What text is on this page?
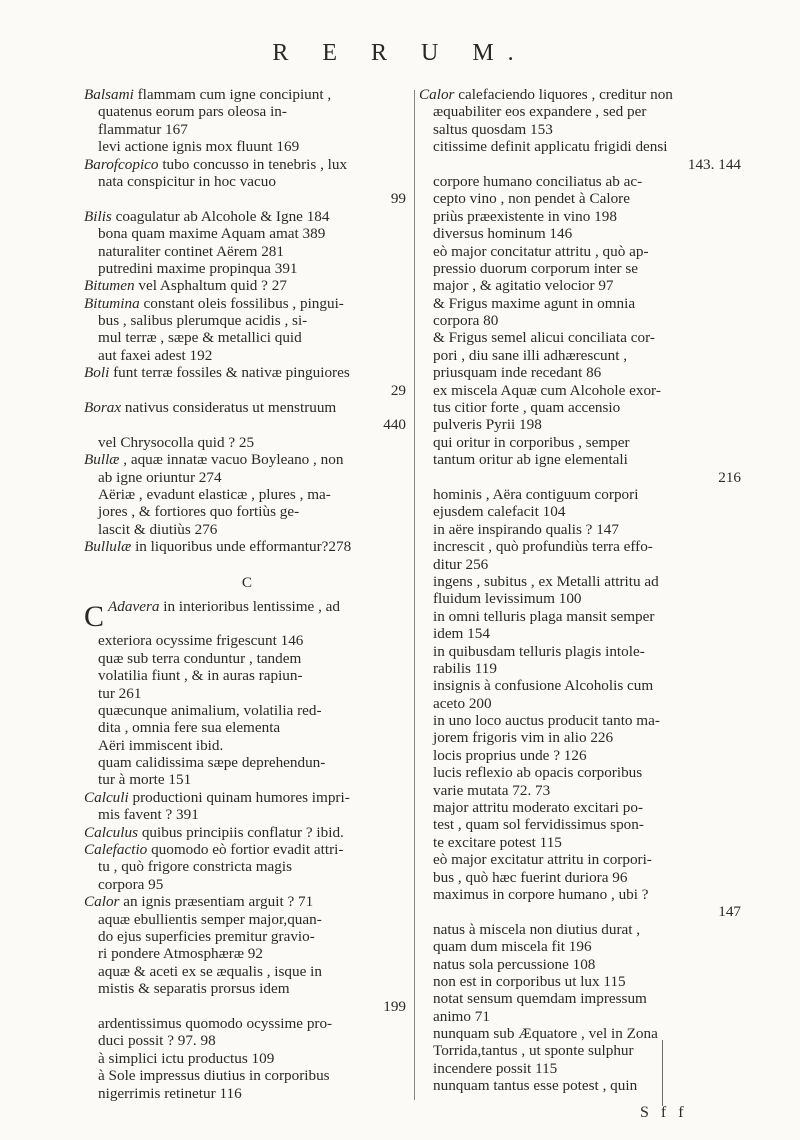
R E R U M.
Balsami flammam cum igne concipiunt ,
quatenus eorum pars oleosa in-
flammatur 167
levi actione ignis mox fluunt 169
Barofcopico tubo concusso in tenebris , lux
nata conspicitur in hoc vacuo
99
Bilis coagulatur ab Alcohole & Igne 184
bona quam maxime Aquam amat 389
naturaliter continet Aërem 281
putredini maxime propinqua 391
Bitumen vel Asphaltum quid ? 27
Bitumina constant oleis fossilibus , pingui-
bus , salibus plerumque acidis , si-
mul terræ , sæpe & metallici quid
aut faxei adest 192
Boli funt terræ fossiles & nativæ pinguiores
29
Borax nativus consideratus ut menstruum
440
vel Chrysocolla quid ? 25
Bullæ , aquæ innatæ vacuo Boyleano , non
ab igne oriuntur 274
Aëriæ , evadunt elasticæ , plures , ma-
jores , & fortiores quo fortiùs ge-
lascit & diutiùs 276
Bullulæ in liquoribus unde efformantur?278
C
C Adavera in interioribus lentissime , ad
exteriora ocyssime frigescunt 146
quæ sub terra conduntur , tandem
volatilia fiunt , & in auras rapiun-
tur 261
quæcunque animalium, volatilia red-
dita , omnia fere sua elementa
Aëri immiscent ibid.
quam calidissima sæpe deprehendun-
tur à morte 151
Calculi productioni quinam humores impri-
mis favent ? 391
Calculus quibus principiis conflatur ? ibid.
Calefactio quomodo eò fortior evadit attri-
tu , quò frigore constricta magis
corpora 95
Calor an ignis præsentiam arguit ? 71
aquæ ebullientis semper major,quan-
do ejus superficies premitur gravio-
ri pondere Atmosphæræ 92
aquæ & aceti ex se æqualis , isque in
mistis & separatis prorsus idem
199
ardentissimus quomodo ocyssime pro-
duci possit ? 97. 98
à simplici ictu productus 109
à Sole impressus diutius in corporibus
nigerrimis retinetur 116
Calor calefaciendo liquores , creditur non
æquabiliter eos expandere , sed per
saltus quosdam 153
citissime definit applicatu frigidi densi
143. 144
corpore humano conciliatus ab ac-
cepto vino , non pendet à Calore
priùs præexistente in vino 198
diversus hominum 146
eò major concitatur attritu , quò ap-
pressio duorum corporum inter se
major , & agitatio velocior 97
& Frigus maxime agunt in omnia
corpora 80
& Frigus semel alicui conciliata cor-
pori , diu sane illi adhærescunt ,
priusquam inde recedant 86
ex miscela Aquæ cum Alcohole exor-
tus citior forte , quam accensio
pulveris Pyrii 198
qui oritur in corporibus , semper
tantum oritur ab igne elementali
216
hominis , Aëra contiguum corpori
ejusdem calefacit 104
in aëre inspirando qualis ? 147
increscit , quò profundiùs terra effo-
ditur 256
ingens , subitus , ex Metalli attritu ad
fluidum levissimum 100
in omni telluris plaga mansit semper
idem 154
in quibusdam telluris plagis intole-
rabilis 119
insignis à confusione Alcoholis cum
aceto 200
in uno loco auctus producit tanto ma-
jorem frigoris vim in alio 226
locis proprius unde ? 126
lucis reflexio ab opacis corporibus
varie mutata 72. 73
major attritu moderato excitari po-
test , quam sol fervidissimus spon-
te excitare potest 115
eò major excitatur attritu in corpori-
bus , quò hæc fuerint duriora 96
maximus in corpore humano , ubi ?
147
natus à miscela non diutius durat ,
quam dum miscela fit 196
natus sola percussione 108
non est in corporibus ut lux 115
notat sensum quemdam impressum
animo 71
nunquam sub Æquatore , vel in Zona
Torrida,tantus , ut sponte sulphur
incendere possit 115
nunquam tantus esse potest , quin
S f f
